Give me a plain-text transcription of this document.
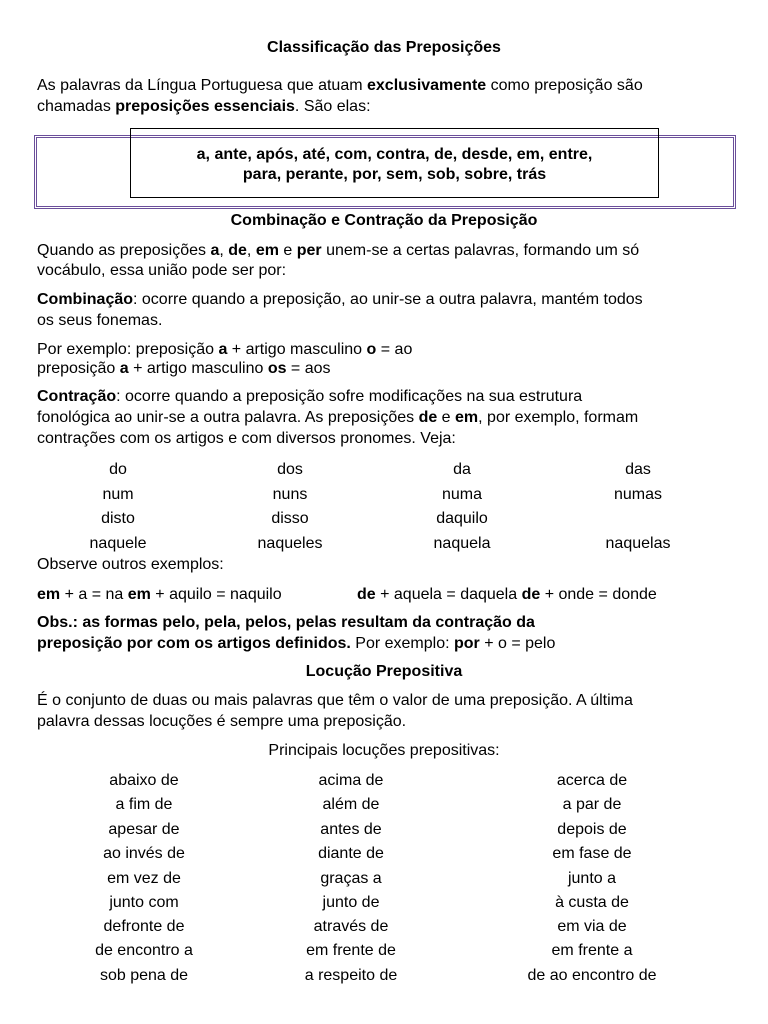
Classificação das Preposições
As palavras da Língua Portuguesa que atuam exclusivamente como preposição são
chamadas preposições essenciais. São elas:
a, ante, após, até, com, contra, de, desde, em, entre,
para, perante, por, sem, sob, sobre, trás
Combinação e Contração da Preposição
Quando as preposições a, de, em e per unem-se a certas palavras, formando um só
vocábulo, essa união pode ser por:
Combinação: ocorre quando a preposição, ao unir-se a outra palavra, mantém todos
os seus fonemas.
Por exemplo: preposição a + artigo masculino o = ao
preposição a + artigo masculino os = aos
Contração: ocorre quando a preposição sofre modificações na sua estrutura
fonológica ao unir-se a outra palavra. As preposições de e em, por exemplo, formam
contrações com os artigos e com diversos pronomes. Veja:
do	dos	da	das
num	nuns	numa	numas
disto	disso	daquilo
naquele	naqueles	naquela	naquelas
Observe outros exemplos:
em + a = na em + aquilo = naquilo	de + aquela = daquela de + onde = donde
Obs.: as formas pelo, pela, pelos, pelas resultam da contração da
preposição por com os artigos definidos. Por exemplo: por + o = pelo
Locução Prepositiva
É o conjunto de duas ou mais palavras que têm o valor de uma preposição. A última
palavra dessas locuções é sempre uma preposição.
Principais locuções prepositivas:
abaixo de	acima de	acerca de
a fim de	além de	a par de
apesar de	antes de	depois de
ao invés de	diante de	em fase de
em vez de	graças a	junto a
junto com	junto de	à custa de
defronte de	através de	em via de
de encontro a	em frente de	em frente a
sob pena de	a respeito de	de ao encontro de
